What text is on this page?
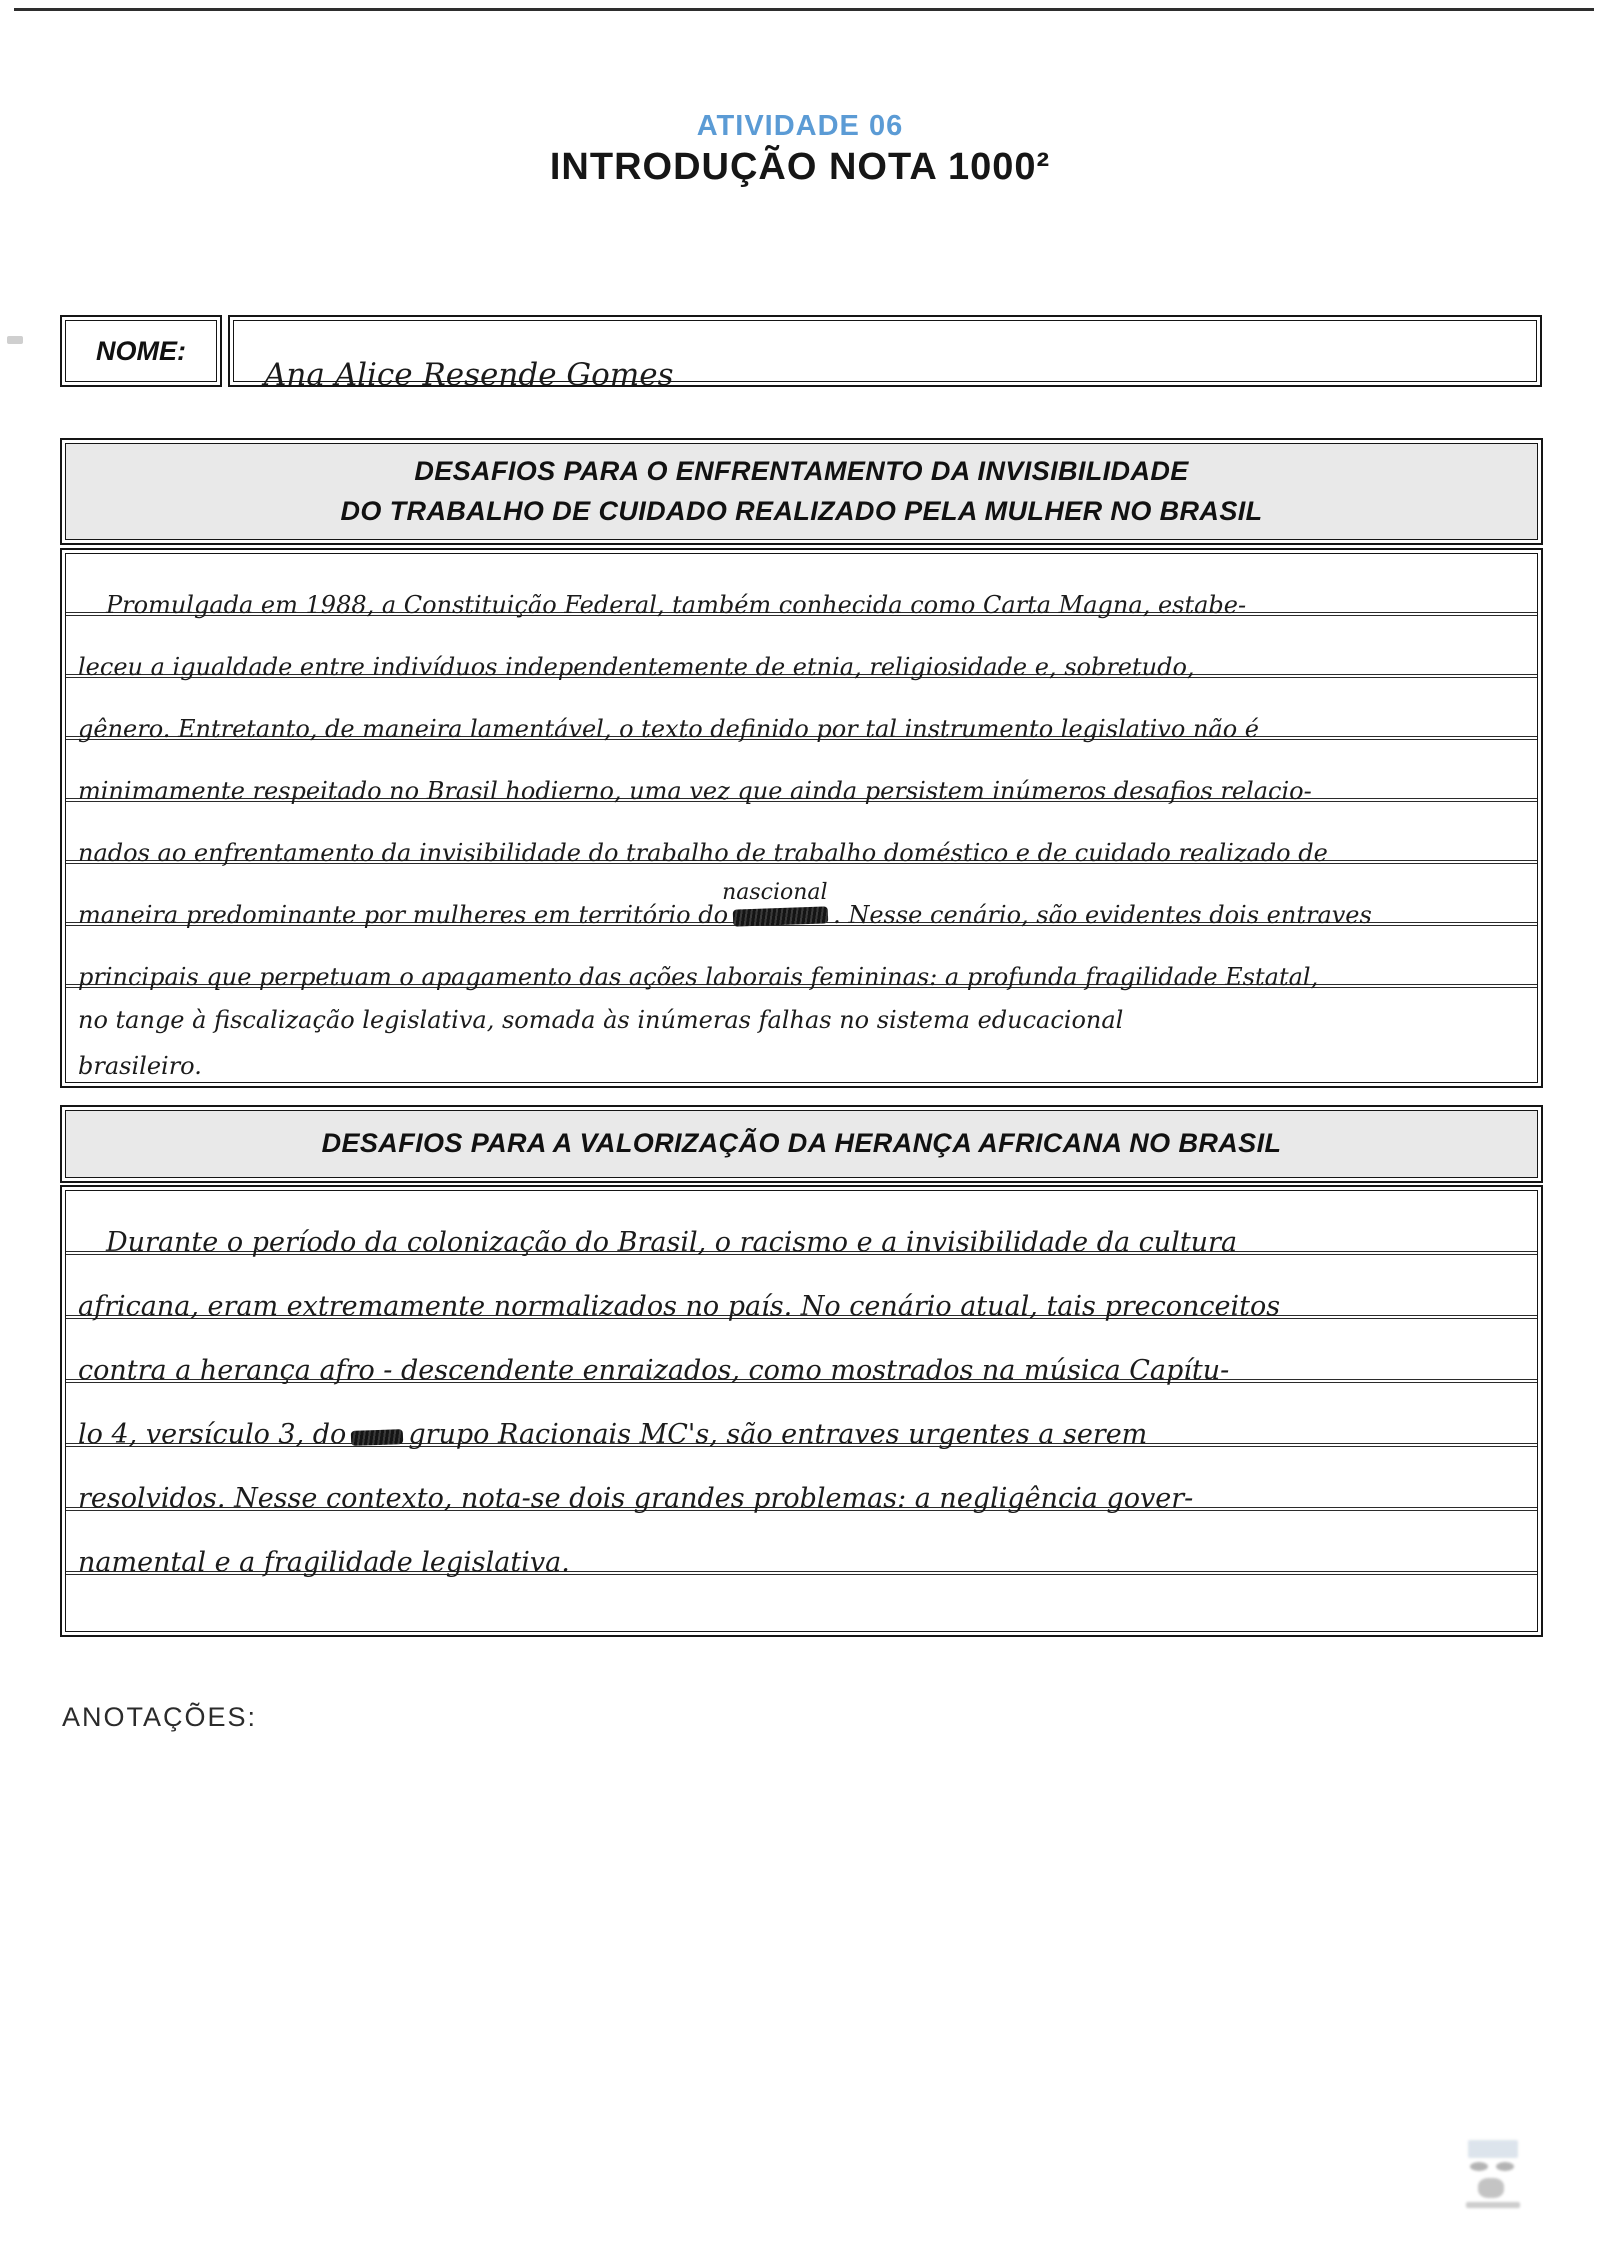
ATIVIDADE 06
INTRODUÇÃO NOTA 1000²
NOME:
Ana Alice Resende Gomes
DESAFIOS PARA O ENFRENTAMENTO DA INVISIBILIDADE
DO TRABALHO DE CUIDADO REALIZADO PELA MULHER NO BRASIL
Promulgada em 1988, a Constituição Federal, também conhecida como Carta Magna, estabe-
leceu a igualdade entre indivíduos independentemente de etnia, religiosidade e, sobretudo,
gênero. Entretanto, de maneira lamentável, o texto definido por tal instrumento legislativo não é
minimamente respeitado no Brasil hodierno, uma vez que ainda persistem inúmeros desafios relacio-
nados ao enfrentamento da invisibilidade do trabalho de trabalho doméstico e de cuidado realizado de
maneira predominante por mulheres em território do
nascional
. Nesse cenário, são evidentes dois entraves
principais que perpetuam o apagamento das ações laborais femininas: a profunda fragilidade Estatal,
no tange à fiscalização legislativa, somada às inúmeras falhas no sistema educacional
brasileiro.
DESAFIOS PARA A VALORIZAÇÃO DA HERANÇA AFRICANA NO BRASIL
Durante o período da colonização do Brasil, o racismo e a invisibilidade da cultura
africana, eram extremamente normalizados no país. No cenário atual, tais preconceitos
contra a herança afro - descendente enraizados, como mostrados na música Capítu-
lo 4, versículo 3, do grupo Racionais MC's, são entraves urgentes a serem
resolvidos. Nesse contexto, nota-se dois grandes problemas: a negligência gover-
namental e a fragilidade legislativa.
ANOTAÇÕES:
